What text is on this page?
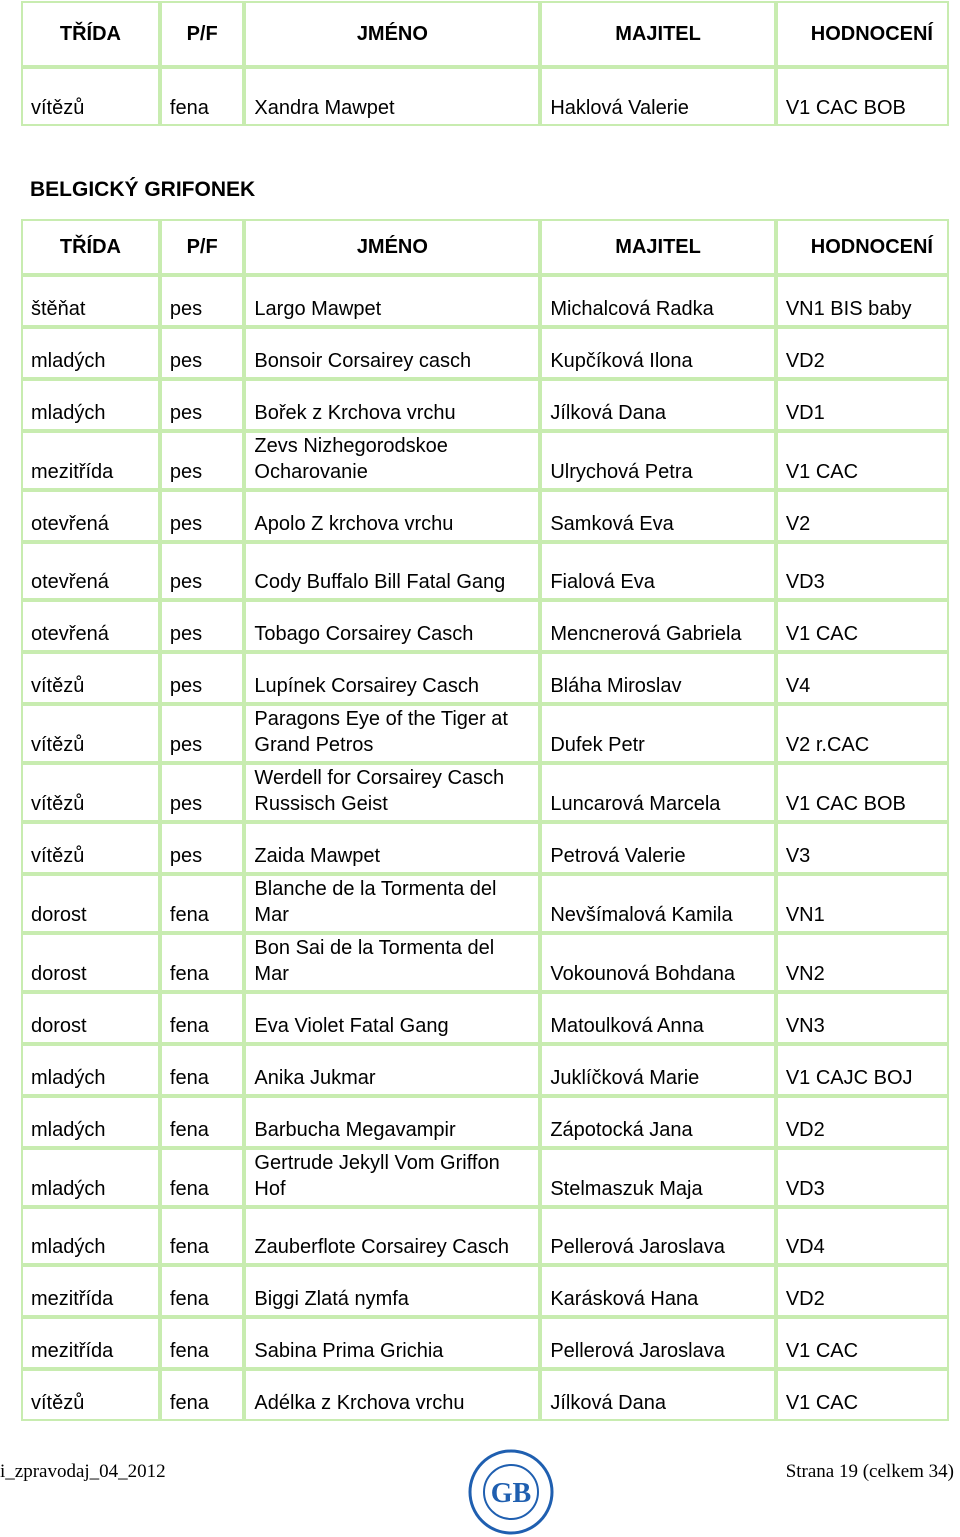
TŘÍDA	P/F	JMÉNO	MAJITEL	HODNOCENÍ
vítězů	fena	Xandra Mawpet	Haklová Valerie	V1 CAC BOB
BELGICKÝ GRIFONEK
TŘÍDA	P/F	JMÉNO	MAJITEL	HODNOCENÍ
štěňat	pes	Largo Mawpet	Michalcová Radka	VN1 BIS baby
mladých	pes	Bonsoir Corsairey casch	Kupčíková Ilona	VD2
mladých	pes	Bořek z Krchova vrchu	Jílková Dana	VD1
mezitřída	pes	Zevs Nizhegorodskoe Ocharovanie	Ulrychová Petra	V1 CAC
otevřená	pes	Apolo Z krchova vrchu	Samková Eva	V2
otevřená	pes	Cody Buffalo Bill Fatal Gang	Fialová Eva	VD3
otevřená	pes	Tobago Corsairey Casch	Mencnerová Gabriela	V1 CAC
vítězů	pes	Lupínek Corsairey Casch	Bláha Miroslav	V4
vítězů	pes	Paragons Eye of the Tiger at Grand Petros	Dufek Petr	V2 r.CAC
vítězů	pes	Werdell for Corsairey Casch Russisch Geist	Luncarová Marcela	V1 CAC BOB
vítězů	pes	Zaida Mawpet	Petrová Valerie	V3
dorost	fena	Blanche de la Tormenta del Mar	Nevšímalová Kamila	VN1
dorost	fena	Bon Sai de la Tormenta del Mar	Vokounová Bohdana	VN2
dorost	fena	Eva Violet Fatal Gang	Matoulková Anna	VN3
mladých	fena	Anika Jukmar	Juklíčková Marie	V1 CAJC BOJ
mladých	fena	Barbucha Megavampir	Zápotocká Jana	VD2
mladých	fena	Gertrude Jekyll Vom Griffon Hof	Stelmaszuk Maja	VD3
mladých	fena	Zauberflote Corsairey Casch	Pellerová Jaroslava	VD4
mezitřída	fena	Biggi Zlatá nymfa	Karásková Hana	VD2
mezitřída	fena	Sabina Prima Grichia	Pellerová Jaroslava	V1 CAC
vítězů	fena	Adélka z Krchova vrchu	Jílková Dana	V1 CAC
i_zpravodaj_04_2012
GB
Strana 19 (celkem 34)
